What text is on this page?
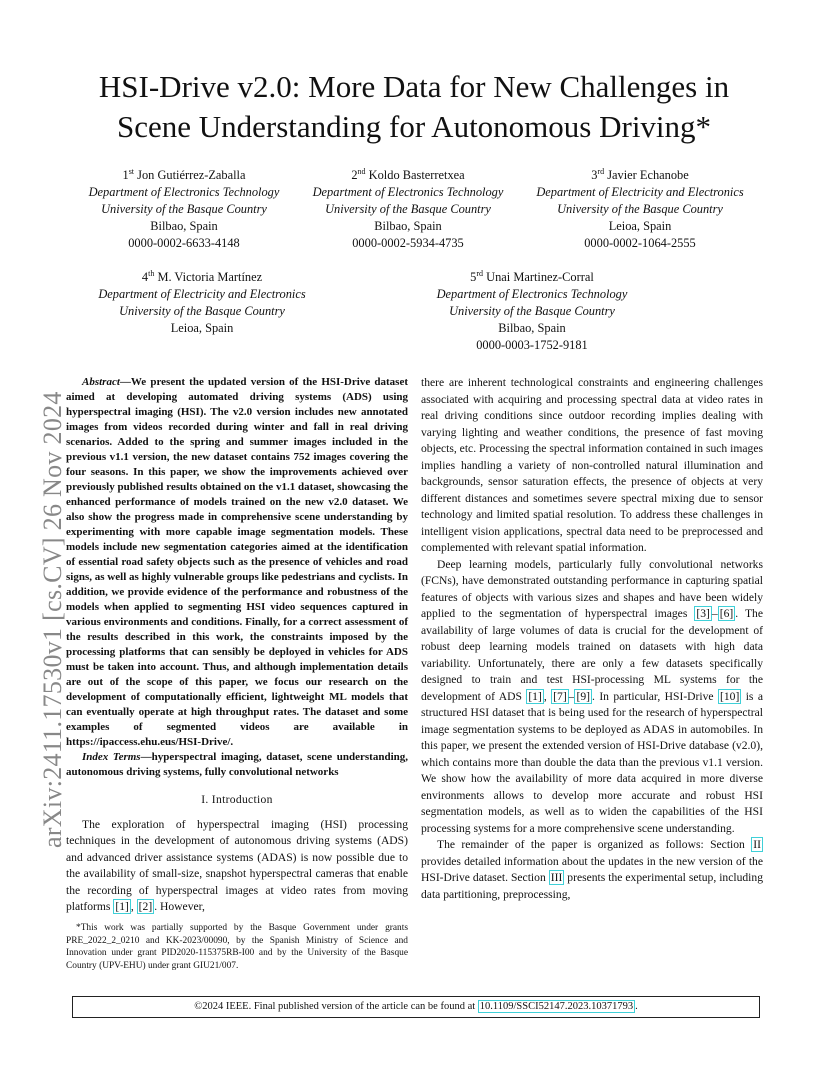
HSI-Drive v2.0: More Data for New Challenges in
Scene Understanding for Autonomous Driving*
1st Jon Gutiérrez-Zaballa
Department of Electronics Technology
University of the Basque Country
Bilbao, Spain
0000-0002-6633-4148
2nd Koldo Basterretxea
Department of Electronics Technology
University of the Basque Country
Bilbao, Spain
0000-0002-5934-4735
3rd Javier Echanobe
Department of Electricity and Electronics
University of the Basque Country
Leioa, Spain
0000-0002-1064-2555
4th M. Victoria Martínez
Department of Electricity and Electronics
University of the Basque Country
Leioa, Spain
5rd Unai Martinez-Corral
Department of Electronics Technology
University of the Basque Country
Bilbao, Spain
0000-0003-1752-9181
arXiv:2411.17530v1 [cs.CV] 26 Nov 2024

Abstract—We present the updated version of the HSI-Drive dataset aimed at developing automated driving systems (ADS) using hyperspectral imaging (HSI). The v2.0 version includes new annotated images from videos recorded during winter and fall in real driving scenarios. Added to the spring and summer images included in the previous v1.1 version, the new dataset contains 752 images covering the four seasons. In this paper, we show the improvements achieved over previously published results obtained on the v1.1 dataset, showcasing the enhanced performance of models trained on the new v2.0 dataset. We also show the progress made in comprehensive scene understanding by experimenting with more capable image segmentation models. These models include new segmentation categories aimed at the identification of essential road safety objects such as the presence of vehicles and road signs, as well as highly vulnerable groups like pedestrians and cyclists. In addition, we provide evidence of the performance and robustness of the models when applied to segmenting HSI video sequences captured in various environments and conditions. Finally, for a correct assessment of the results described in this work, the constraints imposed by the processing platforms that can sensibly be deployed in vehicles for ADS must be taken into account. Thus, and although implementation details are out of the scope of this paper, we focus our research on the development of computationally efficient, lightweight ML models that can eventually operate at high throughput rates. The dataset and some examples of segmented videos are available in https://ipaccess.ehu.eus/HSI-Drive/.

Index Terms—hyperspectral imaging, dataset, scene understanding, autonomous driving systems, fully convolutional networks

I. Introduction

The exploration of hyperspectral imaging (HSI) processing techniques in the development of autonomous driving systems (ADS) and advanced driver assistance systems (ADAS) is now possible due to the availability of small-size, snapshot hyperspectral cameras that enable the recording of hyperspectral images at video rates from moving platforms [1] , [2] . However,

*This work was partially supported by the Basque Government under grants PRE_2022_2_0210 and KK-2023/00090, by the Spanish Ministry of Science and Innovation under grant PID2020-115375RB-I00 and by the University of the Basque Country (UPV-EHU) under grant GIU21/007.

there are inherent technological constraints and engineering challenges associated with acquiring and processing spectral data at video rates in real driving conditions since outdoor recording implies dealing with varying lighting and weather conditions, the presence of fast moving objects, etc. Processing the spectral information contained in such images implies handling a variety of non-controlled natural illumination and backgrounds, sensor saturation effects, the presence of objects at very different distances and sometimes severe spectral mixing due to sensor technology and limited spatial resolution. To address these challenges in intelligent vision applications, spectral data need to be preprocessed and complemented with relevant spatial information.

Deep learning models, particularly fully convolutional networks (FCNs), have demonstrated outstanding performance in capturing spatial features of objects with various sizes and shapes and have been widely applied to the segmentation of hyperspectral images [3] – [6] . The availability of large volumes of data is crucial for the development of robust deep learning models trained on datasets with high data variability. Unfortunately, there are only a few datasets specifically designed to train and test HSI-processing ML systems for the development of ADS [1] , [7] – [9] . In particular, HSI-Drive [10] is a structured HSI dataset that is being used for the research of hyperspectral image segmentation systems to be deployed as ADAS in automobiles. In this paper, we present the extended version of HSI-Drive database (v2.0), which contains more than double the data than the previous v1.1 version. We show how the availability of more data acquired in more diverse environments allows to develop more accurate and robust HSI segmentation models, as well as to widen the capabilities of the HSI processing systems for a more comprehensive scene understanding.

The remainder of the paper is organized as follows: Section II provides detailed information about the updates in the new version of the HSI-Drive dataset. Section III presents the experimental setup, including data partitioning, preprocessing,

©2024 IEEE. Final published version of the article can be found at 10.1109/SSCI52147.2023.10371793 .
